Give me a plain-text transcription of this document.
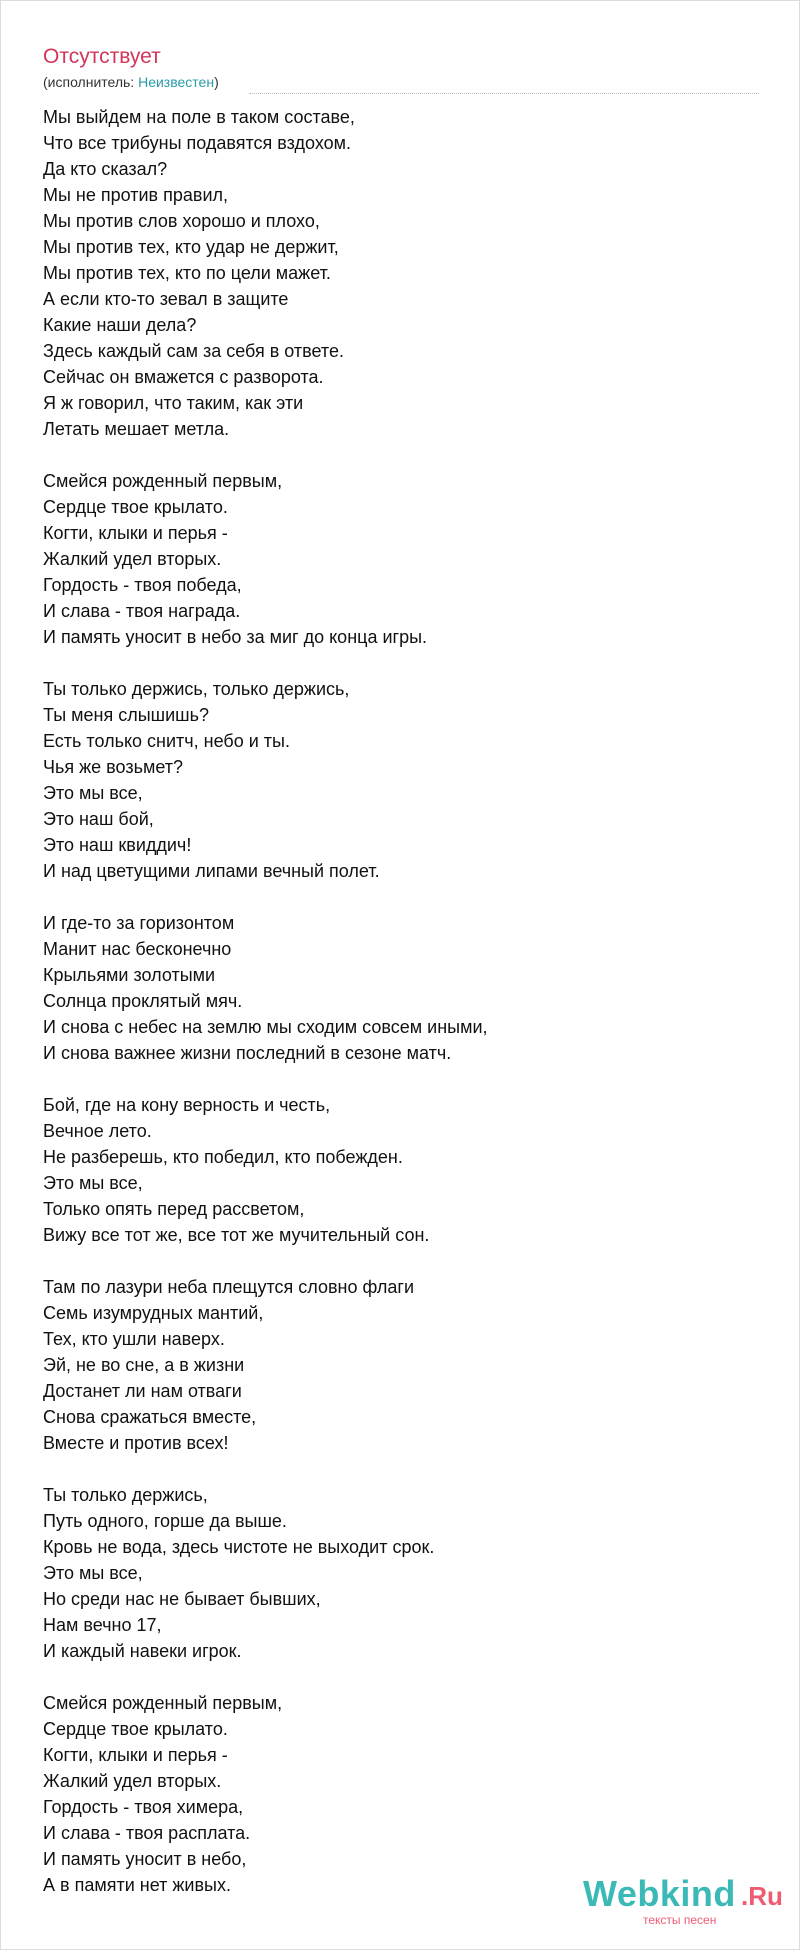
Отсутствует
(исполнитель: Неизвестен)
Мы выйдем на поле в таком составе,
Что все трибуны подавятся вздохом.
Да кто сказал?
Мы не против правил,
Мы против слов хорошо и плохо,
Мы против тех, кто удар не держит,
Мы против тех, кто по цели мажет.
А если кто-то зевал в защите
Какие наши дела?
Здесь каждый сам за себя в ответе.
Сейчас он вмажется с разворота.
Я ж говорил, что таким, как эти
Летать мешает метла.
Смейся рожденный первым,
Сердце твое крылато.
Когти, клыки и перья -
Жалкий удел вторых.
Гордость - твоя победа,
И слава - твоя награда.
И память уносит в небо за миг до конца игры.
Ты только держись, только держись,
Ты меня слышишь?
Есть только снитч, небо и ты.
Чья же возьмет?
Это мы все,
Это наш бой,
Это наш квиддич!
И над цветущими липами вечный полет.
И где-то за горизонтом
Манит нас бесконечно
Крыльями золотыми
Солнца проклятый мяч.
И снова с небес на землю мы сходим совсем иными,
И снова важнее жизни последний в сезоне матч.
Бой, где на кону верность и честь,
Вечное лето.
Не разберешь, кто победил, кто побежден.
Это мы все,
Только опять перед рассветом,
Вижу все тот же, все тот же мучительный сон.
Там по лазури неба плещутся словно флаги
Семь изумрудных мантий,
Тех, кто ушли наверх.
Эй, не во сне, а в жизни
Достанет ли нам отваги
Снова сражаться вместе,
Вместе и против всех!
Ты только держись,
Путь одного, горше да выше.
Кровь не вода, здесь чистоте не выходит срок.
Это мы все,
Но среди нас не бывает бывших,
Нам вечно 17,
И каждый навеки игрок.
Смейся рожденный первым,
Сердце твое крылато.
Когти, клыки и перья -
Жалкий удел вторых.
Гордость - твоя химера,
И слава - твоя расплата.
И память уносит в небо,
А в памяти нет живых.	Webkind .Ru
тексты песен
